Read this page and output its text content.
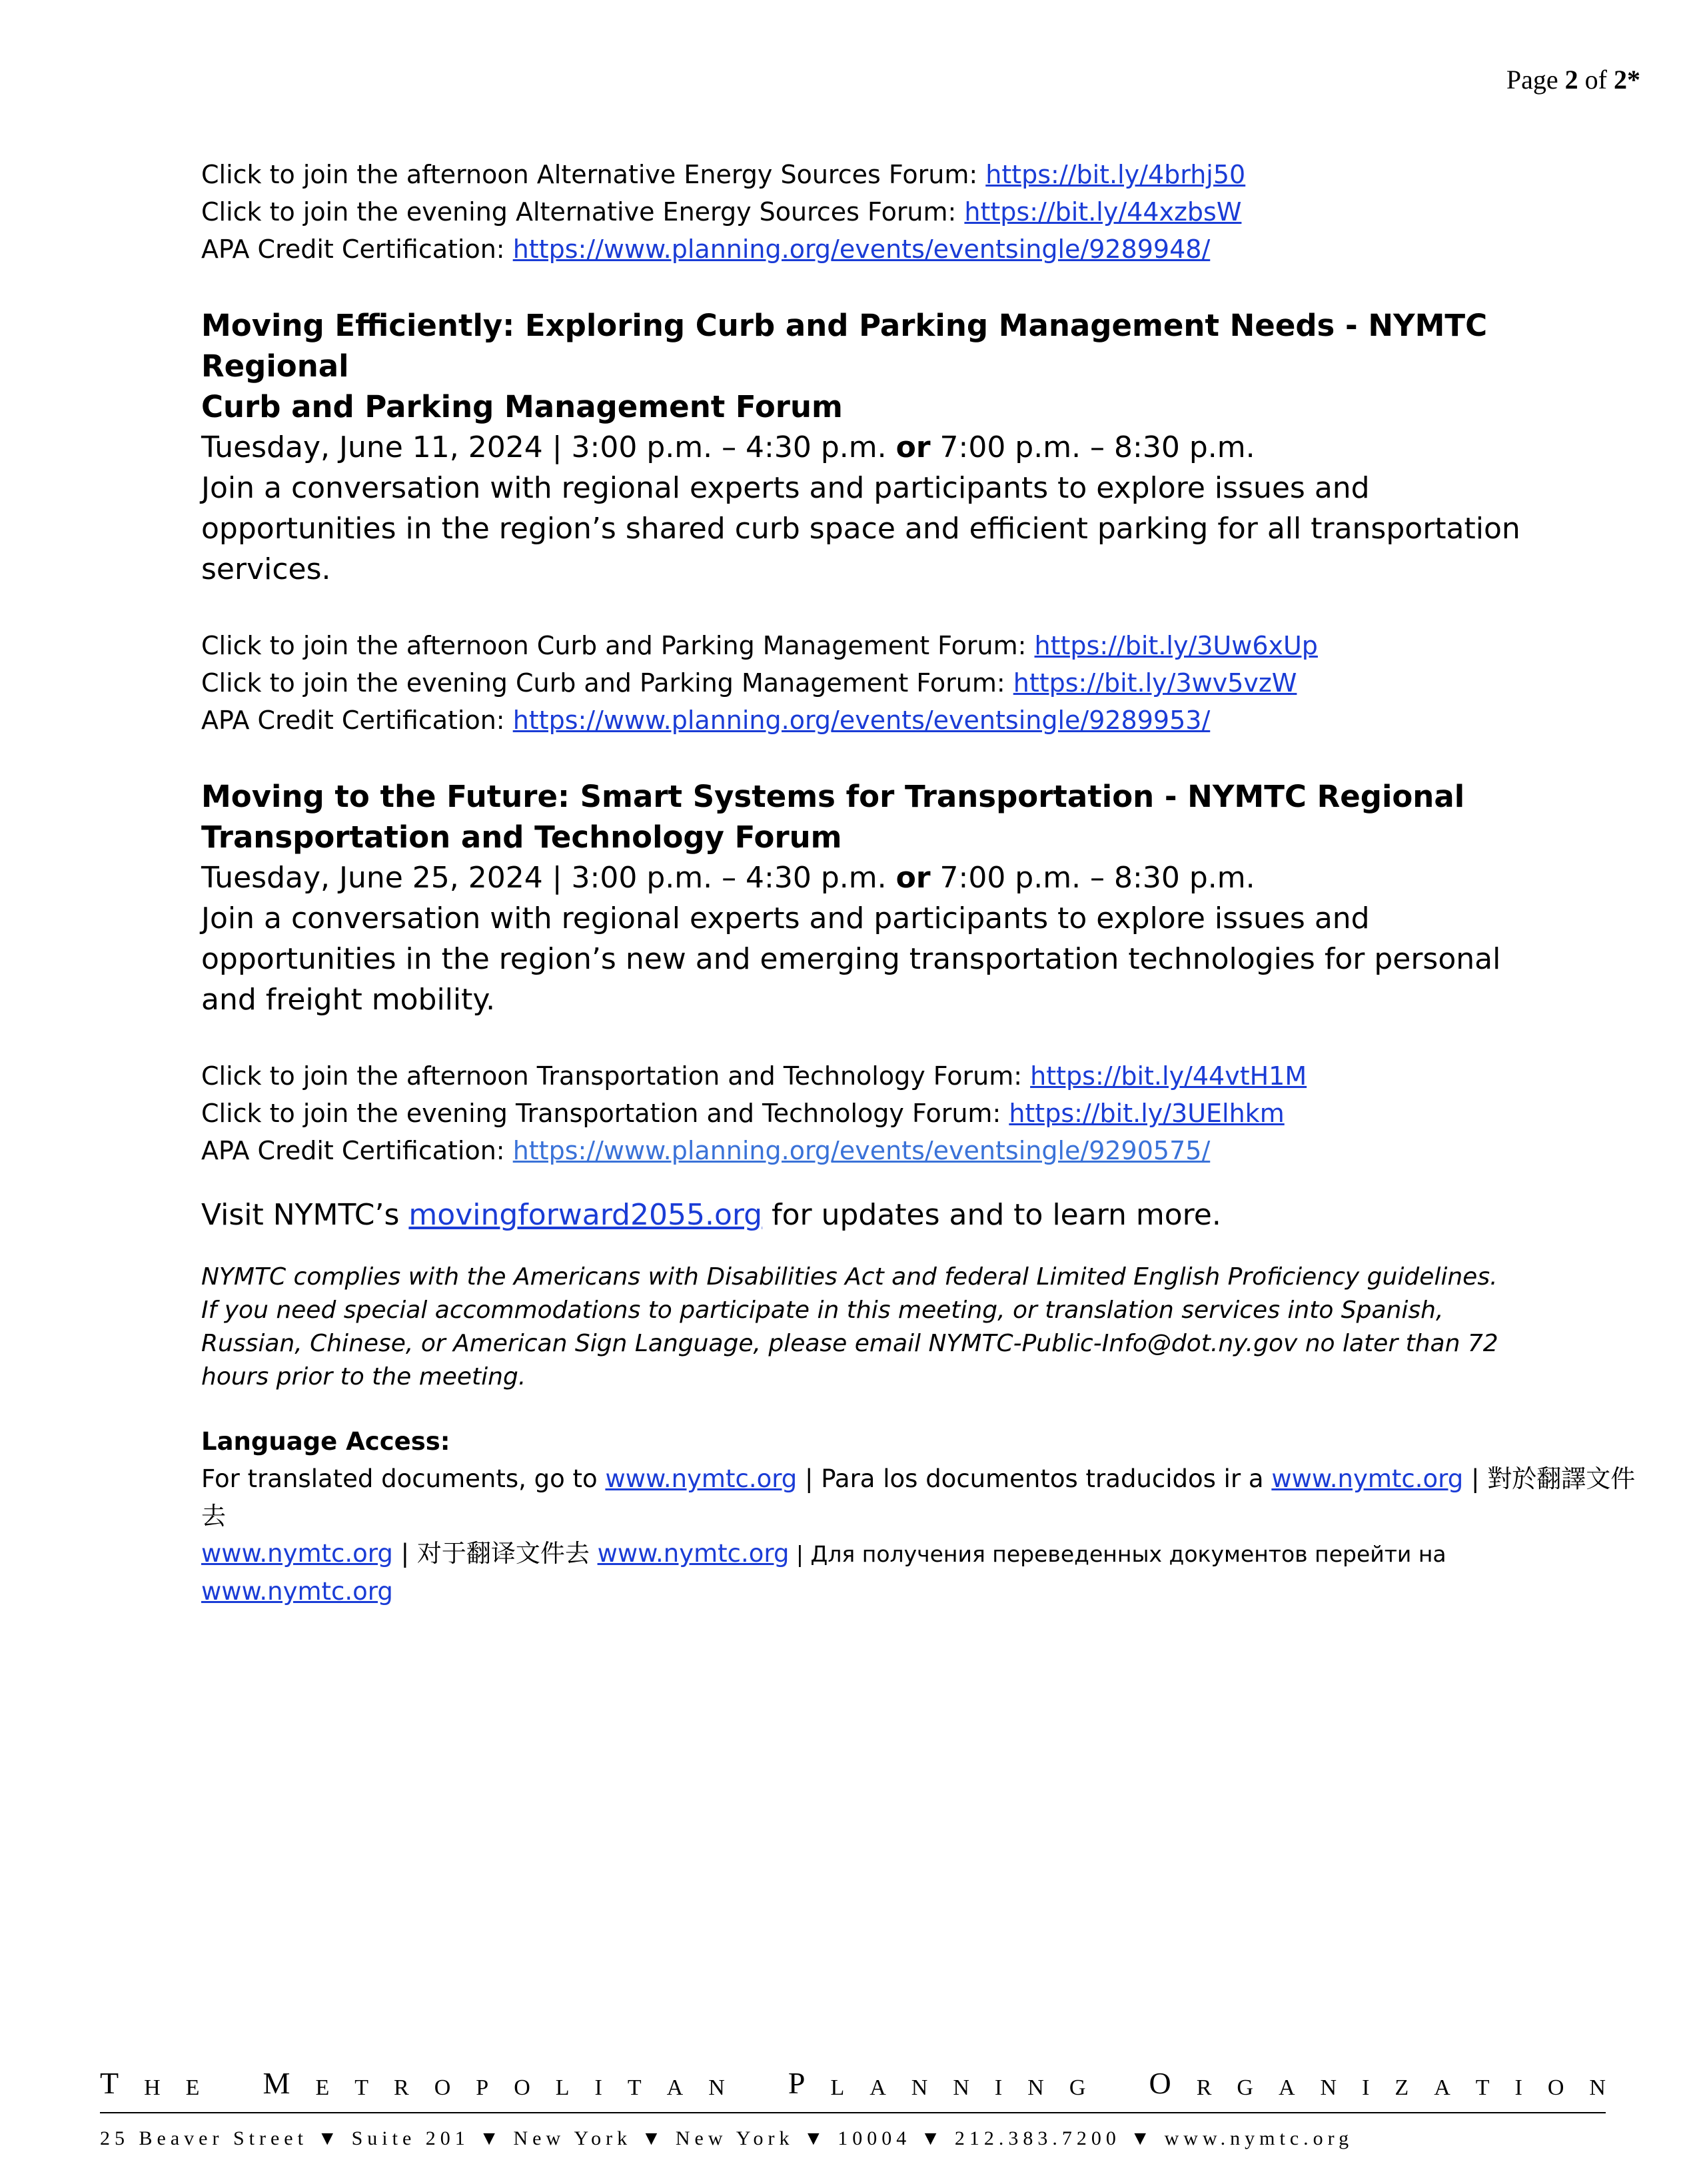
Page 2 of 2*
Click to join the afternoon Alternative Energy Sources Forum: https://bit.ly/4brhj50
Click to join the evening Alternative Energy Sources Forum: https://bit.ly/44xzbsW
APA Credit Certification: https://www.planning.org/events/eventsingle/9289948/
Moving Efficiently: Exploring Curb and Parking Management Needs - NYMTC Regional
Curb and Parking Management Forum
Tuesday, June 11, 2024 | 3:00 p.m. – 4:30 p.m. or 7:00 p.m. – 8:30 p.m.
Join a conversation with regional experts and participants to explore issues and
opportunities in the region’s shared curb space and efficient parking for all transportation
services.
Click to join the afternoon Curb and Parking Management Forum: https://bit.ly/3Uw6xUp
Click to join the evening Curb and Parking Management Forum: https://bit.ly/3wv5vzW
APA Credit Certification: https://www.planning.org/events/eventsingle/9289953/
Moving to the Future: Smart Systems for Transportation - NYMTC Regional
Transportation and Technology Forum
Tuesday, June 25, 2024 | 3:00 p.m. – 4:30 p.m. or 7:00 p.m. – 8:30 p.m.
Join a conversation with regional experts and participants to explore issues and
opportunities in the region’s new and emerging transportation technologies for personal
and freight mobility.
Click to join the afternoon Transportation and Technology Forum: https://bit.ly/44vtH1M
Click to join the evening Transportation and Technology Forum: https://bit.ly/3UElhkm
APA Credit Certification: https://www.planning.org/events/eventsingle/9290575/
Visit NYMTC’s movingforward2055.org for updates and to learn more.
NYMTC complies with the Americans with Disabilities Act and federal Limited English Proficiency guidelines.
If you need special accommodations to participate in this meeting, or translation services into Spanish,
Russian, Chinese, or American Sign Language, please email NYMTC-Public-Info@dot.ny.gov no later than 72
hours prior to the meeting.
Language Access:
For translated documents, go to www.nymtc.org | Para los documentos traducidos ir a www.nymtc.org | 對於翻譯文件去
www.nymtc.org | 对于翻译文件去 www.nymtc.org | Для получения переведенных документов перейти на www.nymtc.org
T H E M E T R O P O L I T A N P L A N N I N G O R G A N I Z A T I O N
25 Beaver Street ▼ Suite 201 ▼ New York ▼ New York ▼ 10004 ▼ 212.383.7200 ▼ www.nymtc.org
